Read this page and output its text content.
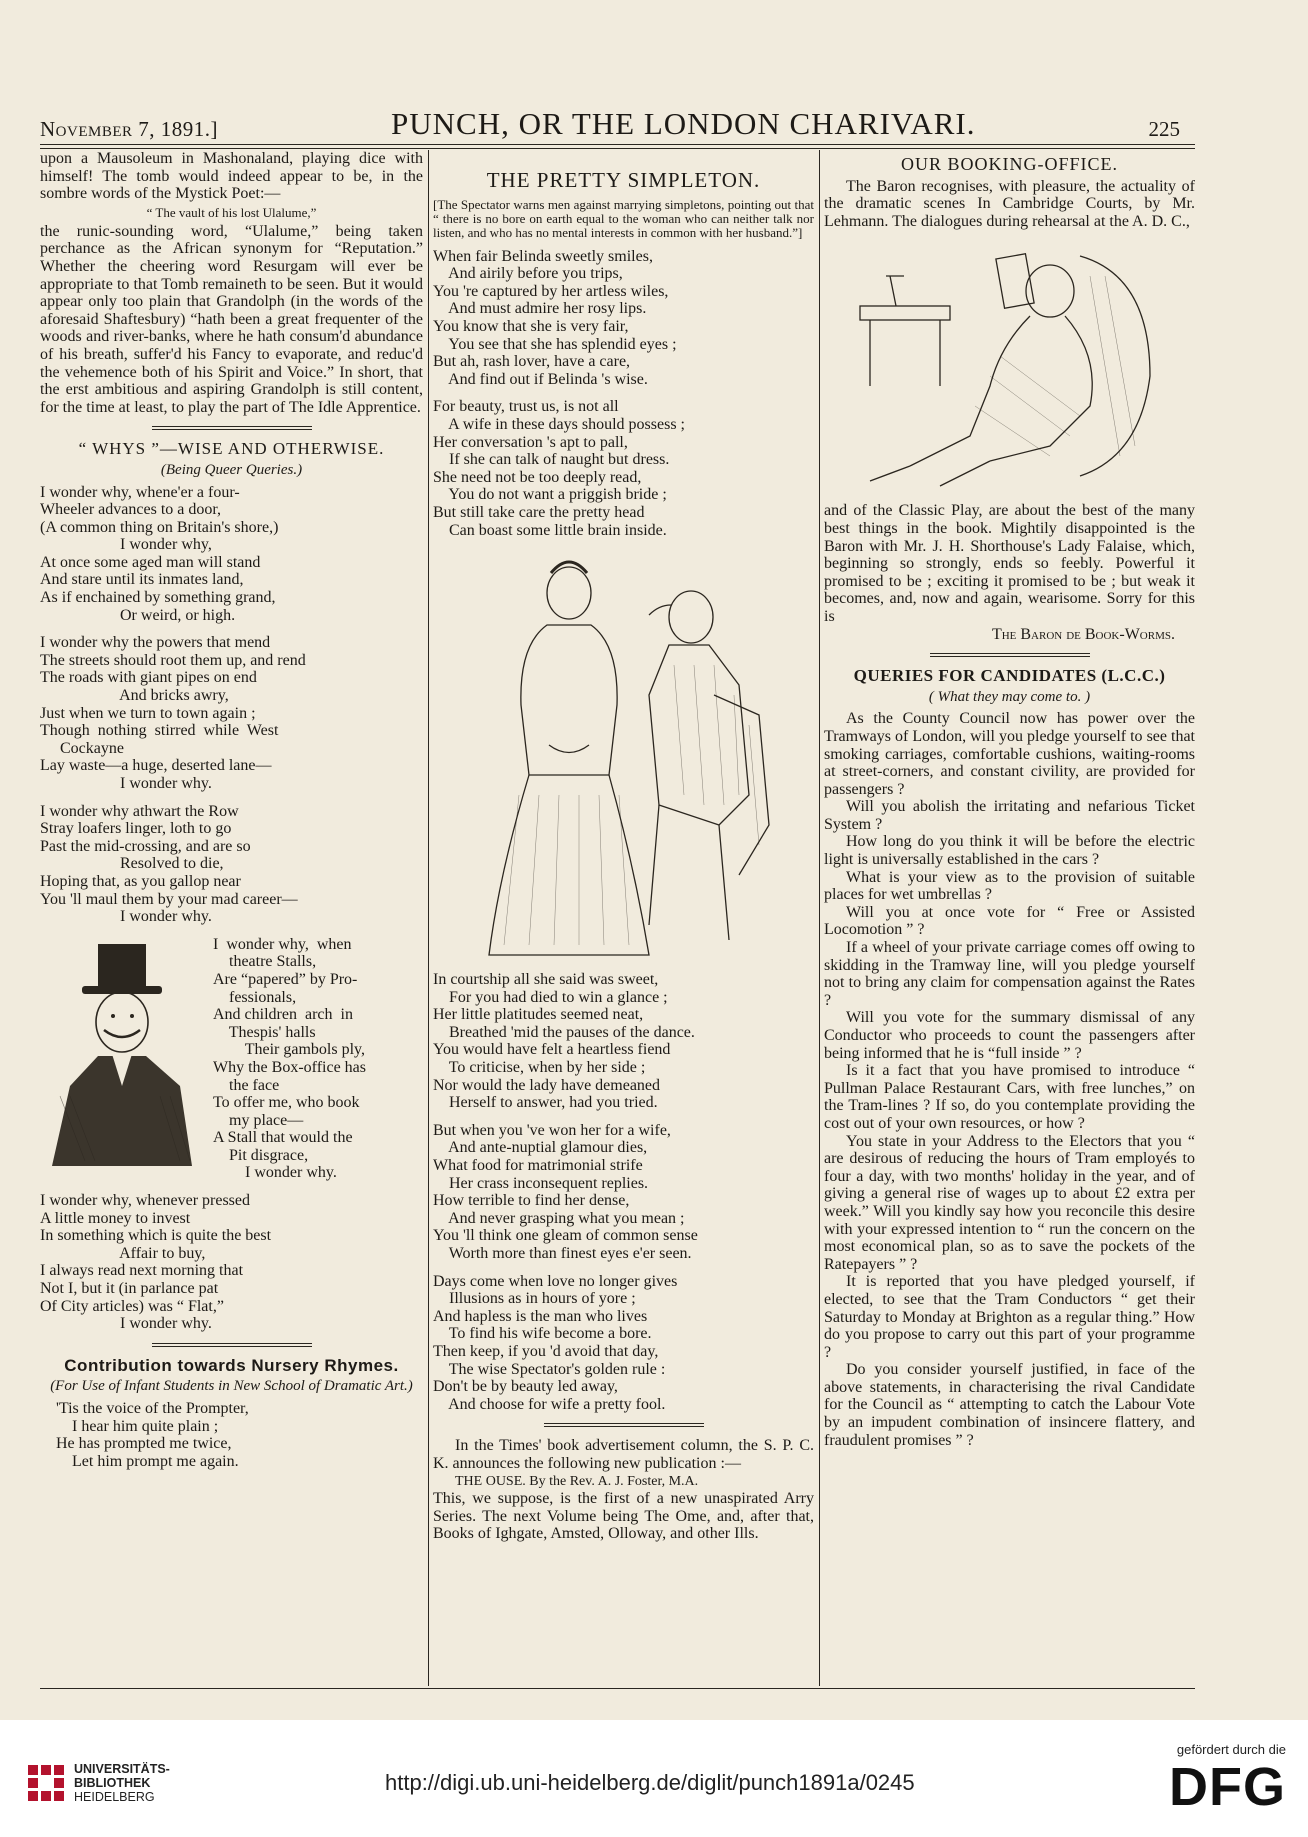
November 7, 1891.]	PUNCH, OR THE LONDON CHARIVARI.	225

upon a Mausoleum in Mashonaland, playing dice with himself! The tomb would indeed appear to be, in the sombre words of the Mystick Poet:—

“ The vault of his lost Ulalume,”

the runic-sounding word, “Ulalume,” being taken perchance as the African synonym for “Reputation.” Whether the cheering word Resurgam will ever be appropriate to that Tomb remaineth to be seen. But it would appear only too plain that Grandolph (in the words of the aforesaid Shaftesbury) “hath been a great frequenter of the woods and river-banks, where he hath consum'd abundance of his breath, suffer'd his Fancy to evaporate, and reduc'd the vehemence both of his Spirit and Voice.” In short, that the erst ambitious and aspiring Grandolph is still content, for the time at least, to play the part of The Idle Apprentice.

“ WHYS ”—WISE AND OTHERWISE.
(Being Queer Queries.)
I wonder why, whene'er a four-
Wheeler advances to a door,
(A common thing on Britain's shore,)
I wonder why,
At once some aged man will stand
And stare until its inmates land,
As if enchained by something grand,
Or weird, or high.
I wonder why the powers that mend
The streets should root them up, and rend
The roads with giant pipes on end
And bricks awry,
Just when we turn to town again ;
Though  nothing  stirred  while  West
Cockayne
Lay waste—a huge, deserted lane—
I wonder why.
I wonder why athwart the Row
Stray loafers linger, loth to go
Past the mid-crossing, and are so
Resolved to die,
Hoping that, as you gallop near
You 'll maul them by your mad career—
I wonder why.
I  wonder why,  when
theatre Stalls,
Are “papered” by Pro-
fessionals,
And children  arch  in
Thespis' halls
Their gambols ply,
Why the Box-office has
the face
To offer me, who book
my place—
A Stall that would the
Pit disgrace,
I wonder why.
I wonder why, whenever pressed
A little money to invest
In something which is quite the best
Affair to buy,
I always read next morning that
Not I, but it (in parlance pat
Of City articles) was “ Flat,”
I wonder why.
Contribution towards Nursery Rhymes.
(For Use of Infant Students in New School of Dramatic Art.)
'Tis the voice of the Prompter,
I hear him quite plain ;
He has prompted me twice,
Let him prompt me again.
THE PRETTY SIMPLETON.

[The Spectator warns men against marrying simpletons, pointing out that “ there is no bore on earth equal to the woman who can neither talk nor listen, and who has no mental interests in common with her husband.”]

When fair Belinda sweetly smiles,
And airily before you trips,
You 're captured by her artless wiles,
And must admire her rosy lips.
You know that she is very fair,
You see that she has splendid eyes ;
But ah, rash lover, have a care,
And find out if Belinda 's wise.
For beauty, trust us, is not all
A wife in these days should possess ;
Her conversation 's apt to pall,
If she can talk of naught but dress.
She need not be too deeply read,
You do not want a priggish bride ;
But still take care the pretty head
Can boast some little brain inside.
In courtship all she said was sweet,
For you had died to win a glance ;
Her little platitudes seemed neat,
Breathed 'mid the pauses of the dance.
You would have felt a heartless fiend
To criticise, when by her side ;
Nor would the lady have demeaned
Herself to answer, had you tried.
But when you 've won her for a wife,
And ante-nuptial glamour dies,
What food for matrimonial strife
Her crass inconsequent replies.
How terrible to find her dense,
And never grasping what you mean ;
You 'll think one gleam of common sense
Worth more than finest eyes e'er seen.
Days come when love no longer gives
Illusions as in hours of yore ;
And hapless is the man who lives
To find his wife become a bore.
Then keep, if you 'd avoid that day,
The wise Spectator's golden rule :
Don't be by beauty led away,
And choose for wife a pretty fool.

In the Times' book advertisement column, the S. P. C. K. announces the following new publication :—

THE OUSE. By the Rev. A. J. Foster, M.A.

This, we suppose, is the first of a new unaspirated Arry Series. The next Volume being The Ome, and, after that, Books of Ighgate, Amsted, Olloway, and other Ills.

OUR BOOKING-OFFICE.

The Baron recognises, with pleasure, the actuality of the dramatic scenes In Cambridge Courts, by Mr. Lehmann. The dialogues during rehearsal at the A. D. C.,

and of the Classic Play, are about the best of the many best things in the book. Mightily disappointed is the Baron with Mr. J. H. Shorthouse's Lady Falaise, which, beginning so strongly, ends so feebly. Powerful it promised to be ; exciting it promised to be ; but weak it becomes, and, now and again, wearisome. Sorry for this is

The Baron de Book-Worms.

QUERIES FOR CANDIDATES (L.C.C.)
( What they may come to. )

As the County Council now has power over the Tramways of London, will you pledge yourself to see that smoking carriages, comfortable cushions, waiting-rooms at street-corners, and constant civility, are provided for passengers ?

Will you abolish the irritating and nefarious Ticket System ?

How long do you think it will be before the electric light is universally established in the cars ?

What is your view as to the provision of suitable places for wet umbrellas ?

Will you at once vote for “ Free or Assisted Locomotion ” ?

If a wheel of your private carriage comes off owing to skidding in the Tramway line, will you pledge yourself not to bring any claim for compensation against the Rates ?

Will you vote for the summary dismissal of any Conductor who proceeds to count the passengers after being informed that he is “full inside ” ?

Is it a fact that you have promised to introduce “ Pullman Palace Restaurant Cars, with free lunches,” on the Tram-lines ? If so, do you contemplate providing the cost out of your own resources, or how ?

You state in your Address to the Electors that you “ are desirous of reducing the hours of Tram employés to four a day, with two months' holiday in the year, and of giving a general rise of wages up to about £2 extra per week.” Will you kindly say how you reconcile this desire with your expressed intention to “ run the concern on the most economical plan, so as to save the pockets of the Ratepayers ” ?

It is reported that you have pledged yourself, if elected, to see that the Tram Conductors “ get their Saturday to Monday at Brighton as a regular thing.” How do you propose to carry out this part of your programme ?

Do you consider yourself justified, in face of the above statements, in characterising the rival Candidate for the Council as “ attempting to catch the Labour Vote by an impudent combination of insincere flattery, and fraudulent promises ” ?

UNIVERSITÄTS-
BIBLIOTHEK
HEIDELBERG
http://digi.ub.uni-heidelberg.de/diglit/punch1891a/0245
gefördert durch die
DFG
